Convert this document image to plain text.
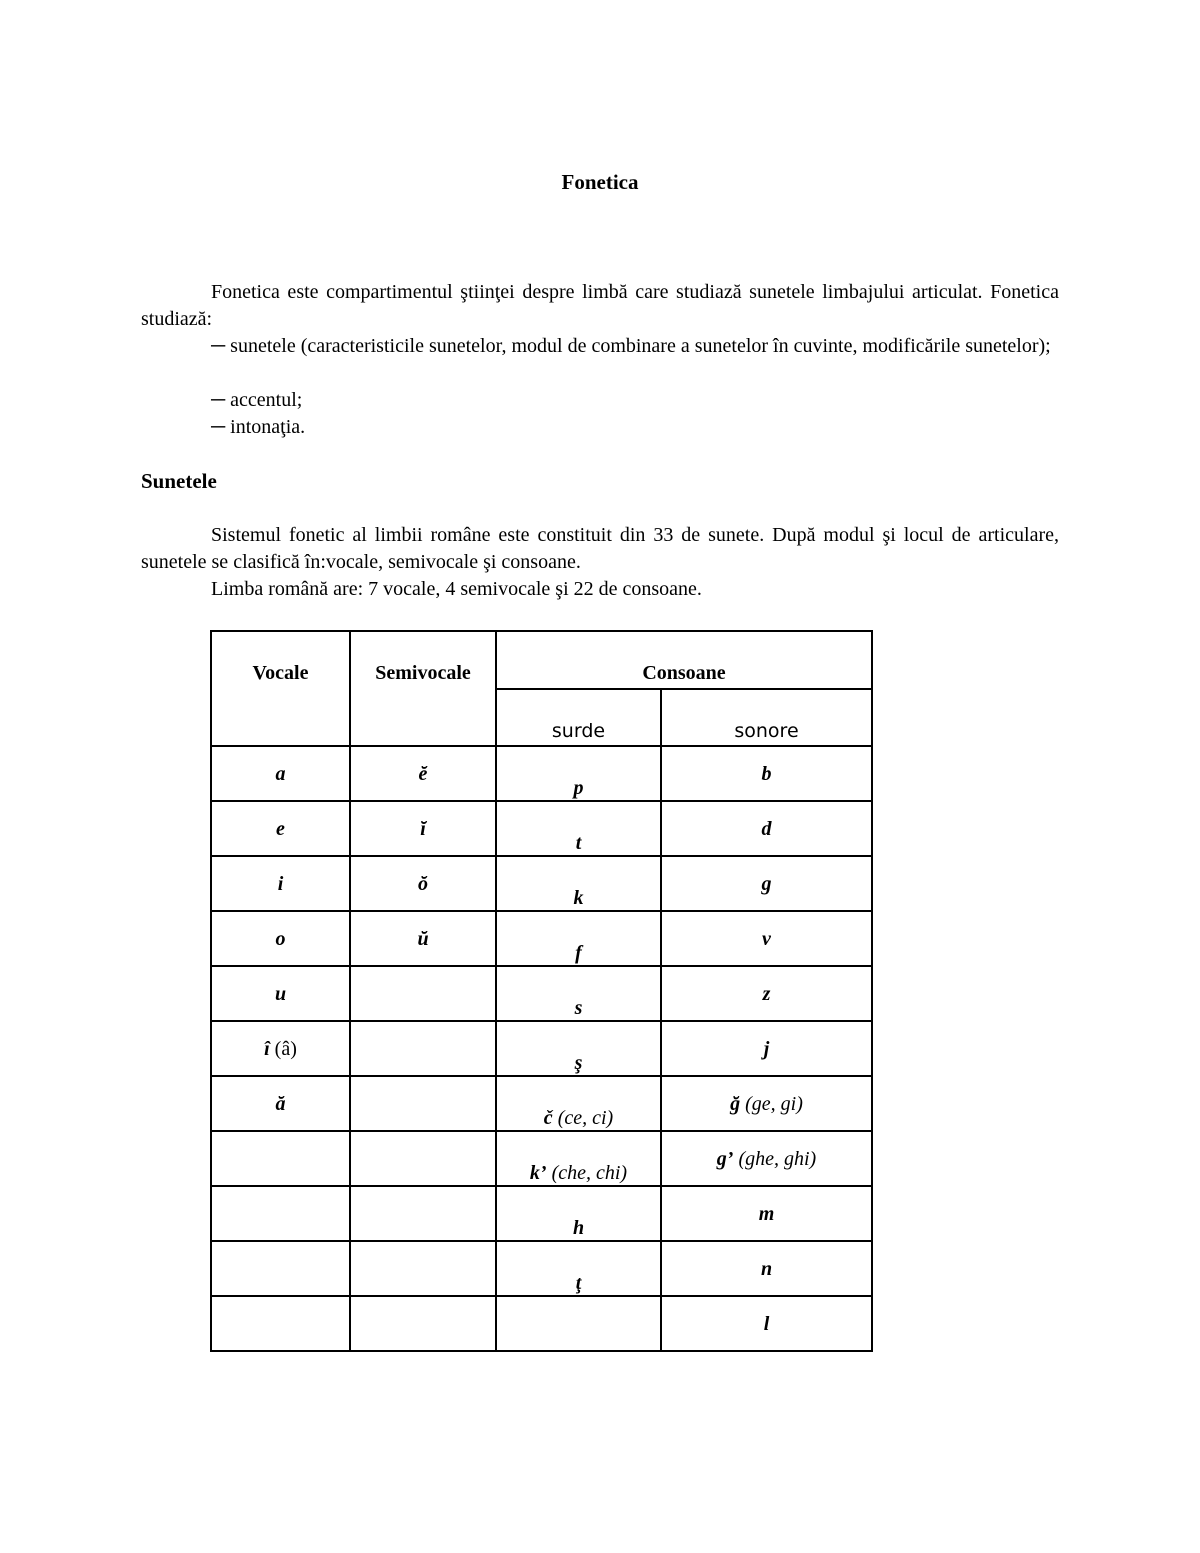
Fonetica
Fonetica este compartimentul ştiinţei despre limbă care studiază sunetele limbajului articulat. Fonetica studiază:
─ sunetele (caracteristicile sunetelor, modul de combinare a sunetelor în cuvinte, modificările sunetelor);
─ accentul;
─ intonaţia.
Sunetele
Sistemul fonetic al limbii române este constituit din 33 de sunete. După modul şi locul de articulare, sunetele se clasifică în:vocale, semivocale şi consoane.
Limba română are: 7 vocale, 4 semivocale şi 22 de consoane.
Vocale	Semivocale	Consoane	
		surde	sonore

a	ĕ	p	b

e	ĭ	t	d

i	ŏ	k	g

o	ŭ	f	v

u		s	z

î (â)		ş	j

ă		č (ce, ci)	ğ (ge, gi)

		k’ (che, chi)	g’ (ghe, ghi)

		h	m

		ţ	n

			l
